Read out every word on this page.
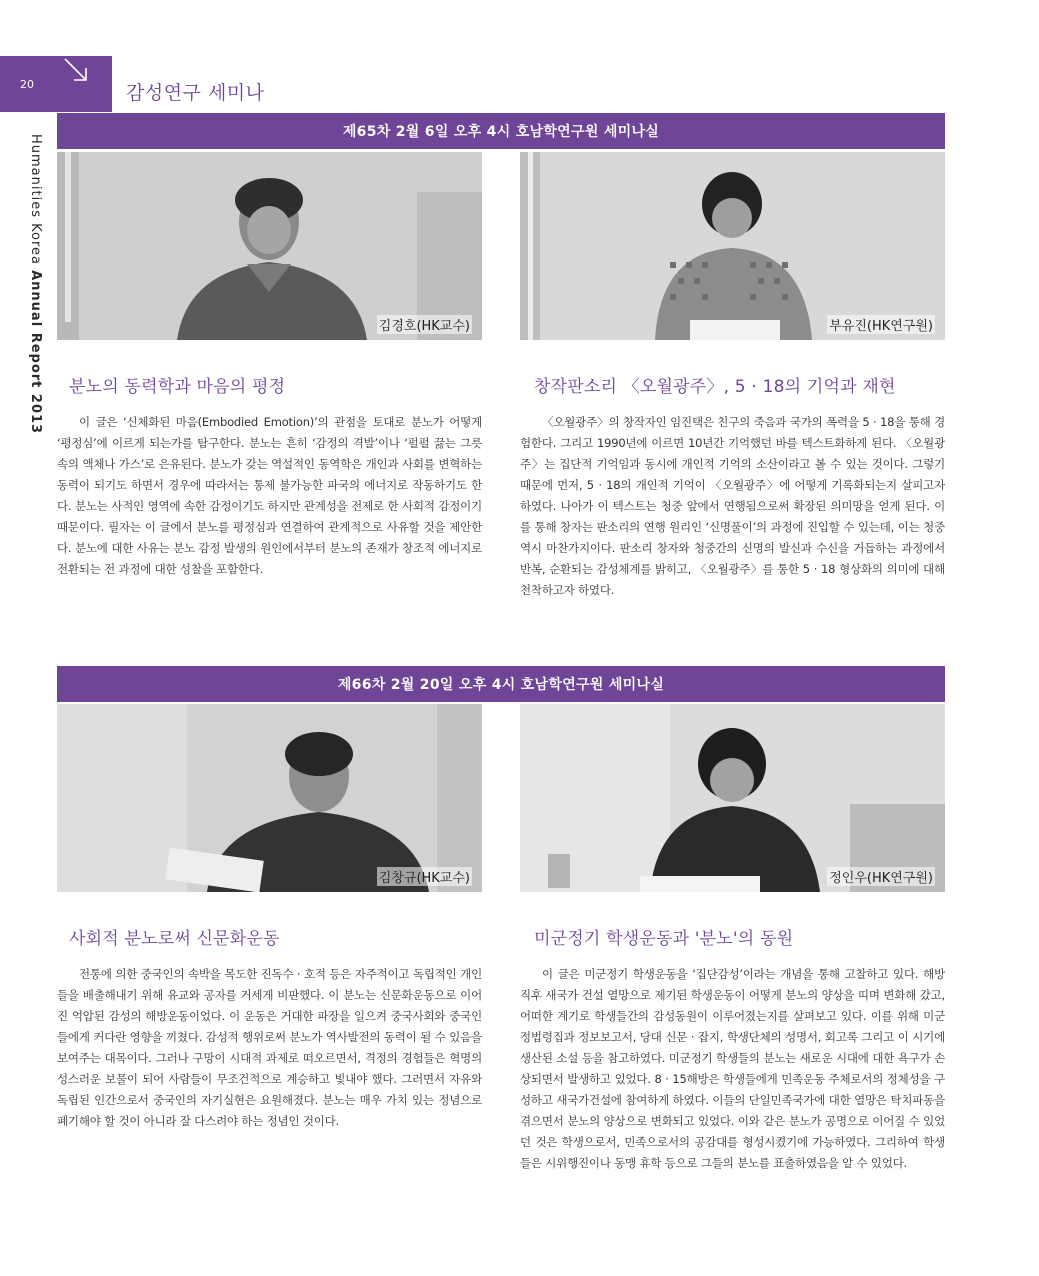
20	감성연구 세미나
Humanities Korea Annual Report 2013
제65차 2월 6일 오후 4시 호남학연구원 세미나실
김경호(HK교수)	부유진(HK연구원)
분노의 동력학과 마음의 평정

이 글은 ‘신체화된 마음(Embodied Emotion)’의 관점을 토대로 분노가 어떻게 ‘평정심’에 이르게 되는가를 탐구한다. 분노는 흔히 ‘감정의 격발’이나 ‘펄펄 끓는 그릇 속의 액체나 가스’로 은유된다. 분노가 갖는 역설적인 동역학은 개인과 사회를 변혁하는 동력이 되기도 하면서 경우에 따라서는 통제 불가능한 파국의 에너지로 작동하기도 한다. 분노는 사적인 영역에 속한 감정이기도 하지만 관계성을 전제로 한 사회적 감정이기 때문이다. 필자는 이 글에서 분노를 평정심과 연결하여 관계적으로 사유할 것을 제안한다. 분노에 대한 사유는 분노 감정 발생의 원인에서부터 분노의 존재가 창조적 에너지로 전환되는 전 과정에 대한 성찰을 포함한다.

창작판소리 〈오월광주〉, 5 · 18의 기억과 재현

〈오월광주〉의 창작자인 임진택은 친구의 죽음과 국가의 폭력을 5 · 18을 통해 경험한다. 그리고 1990년에 이르면 10년간 기억했던 바를 텍스트화하게 된다. 〈오월광주〉는 집단적 기억임과 동시에 개인적 기억의 소산이라고 볼 수 있는 것이다. 그렇기 때문에 먼저, 5 · 18의 개인적 기억이 〈오월광주〉에 어떻게 기록화되는지 살피고자 하였다. 나아가 이 텍스트는 청중 앞에서 연행됨으로써 확장된 의미망을 얻게 된다. 이를 통해 창자는 판소리의 연행 원리인 ‘신명풀이’의 과정에 진입할 수 있는데, 이는 청중 역시 마찬가지이다. 판소리 창자와 청중간의 신명의 발신과 수신을 거듭하는 과정에서 반복, 순환되는 감성체계를 밝히고, 〈오월광주〉를 통한 5 · 18 형상화의 의미에 대해 천착하고자 하였다.

제66차 2월 20일 오후 4시 호남학연구원 세미나실
김창규(HK교수)	정인우(HK연구원)
사회적 분노로써 신문화운동

전통에 의한 중국인의 속박을 목도한 진독수 · 호적 등은 자주적이고 독립적인 개인들을 배출해내기 위해 유교와 공자를 거세게 비판했다. 이 분노는 신문화운동으로 이어진 억압된 감성의 해방운동이었다. 이 운동은 거대한 파장을 일으켜 중국사회와 중국인들에게 커다란 영향을 끼쳤다. 감성적 행위로써 분노가 역사발전의 동력이 될 수 있음을 보여주는 대목이다. 그러나 구망이 시대적 과제로 떠오르면서, 격정의 경험들은 혁명의 성스러운 보물이 되어 사람들이 무조건적으로 계승하고 빛내야 했다. 그러면서 자유와 독립된 인간으로서 중국인의 자기실현은 요원해졌다. 분노는 매우 가치 있는 정념으로 폐기해야 할 것이 아니라 잘 다스려야 하는 정념인 것이다.

미군정기 학생운동과 '분노'의 동원

이 글은 미군정기 학생운동을 ‘집단감성’이라는 개념을 통해 고찰하고 있다. 해방 직후 새국가 건설 열망으로 제기된 학생운동이 어떻게 분노의 양상을 띠며 변화해 갔고, 어떠한 계기로 학생들간의 감성동원이 이루어졌는지를 살펴보고 있다. 이를 위해 미군정법령집과 정보보고서, 당대 신문 · 잡지, 학생단체의 성명서, 회고록 그리고 이 시기에 생산된 소설 등을 참고하였다. 미군정기 학생들의 분노는 새로운 시대에 대한 욕구가 손상되면서 발생하고 있었다. 8 · 15해방은 학생들에게 민족운동 주체로서의 정체성을 구성하고 새국가건설에 참여하게 하였다. 이들의 단일민족국가에 대한 열망은 탁치파동을 겪으면서 분노의 양상으로 변화되고 있었다. 이와 같은 분노가 공명으로 이어질 수 있었던 것은 학생으로서, 민족으로서의 공감대를 형성시켰기에 가능하였다. 그리하여 학생들은 시위행진이나 동맹 휴학 등으로 그들의 분노를 표출하였음을 알 수 있었다.
